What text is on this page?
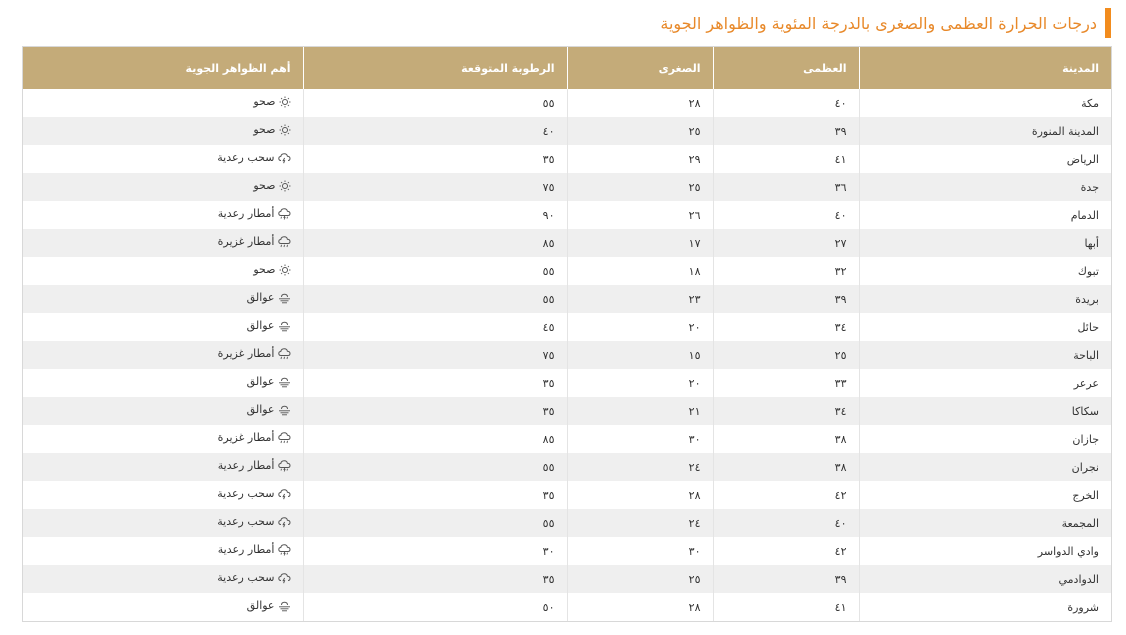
درجات الحرارة العظمى والصغرى بالدرجة المئوية والظواهر الجوية
المدينة	العظمى	الصغرى	الرطوبة المتوقعة	أهم الظواهر الجوية
مكة	٤٠	٢٨	٥٥	صحو

المدينة المنورة	٣٩	٢٥	٤٠	صحو

الرياض	٤١	٢٩	٣٥	سحب رعدية

جدة	٣٦	٢٥	٧٥	صحو

الدمام	٤٠	٢٦	٩٠	أمطار رعدية

أبها	٢٧	١٧	٨٥	أمطار غزيرة

تبوك	٣٢	١٨	٥٥	صحو

بريدة	٣٩	٢٣	٥٥	عوالق

حائل	٣٤	٢٠	٤٥	عوالق

الباحة	٢٥	١٥	٧٥	أمطار غزيرة

عرعر	٣٣	٢٠	٣٥	عوالق

سكاكا	٣٤	٢١	٣٥	عوالق

جازان	٣٨	٣٠	٨٥	أمطار غزيرة

نجران	٣٨	٢٤	٥٥	أمطار رعدية

الخرج	٤٢	٢٨	٣٥	سحب رعدية

المجمعة	٤٠	٢٤	٥٥	سحب رعدية

وادي الدواسر	٤٢	٣٠	٣٠	أمطار رعدية

الدوادمي	٣٩	٢٥	٣٥	سحب رعدية

شرورة	٤١	٢٨	٥٠	عوالق
